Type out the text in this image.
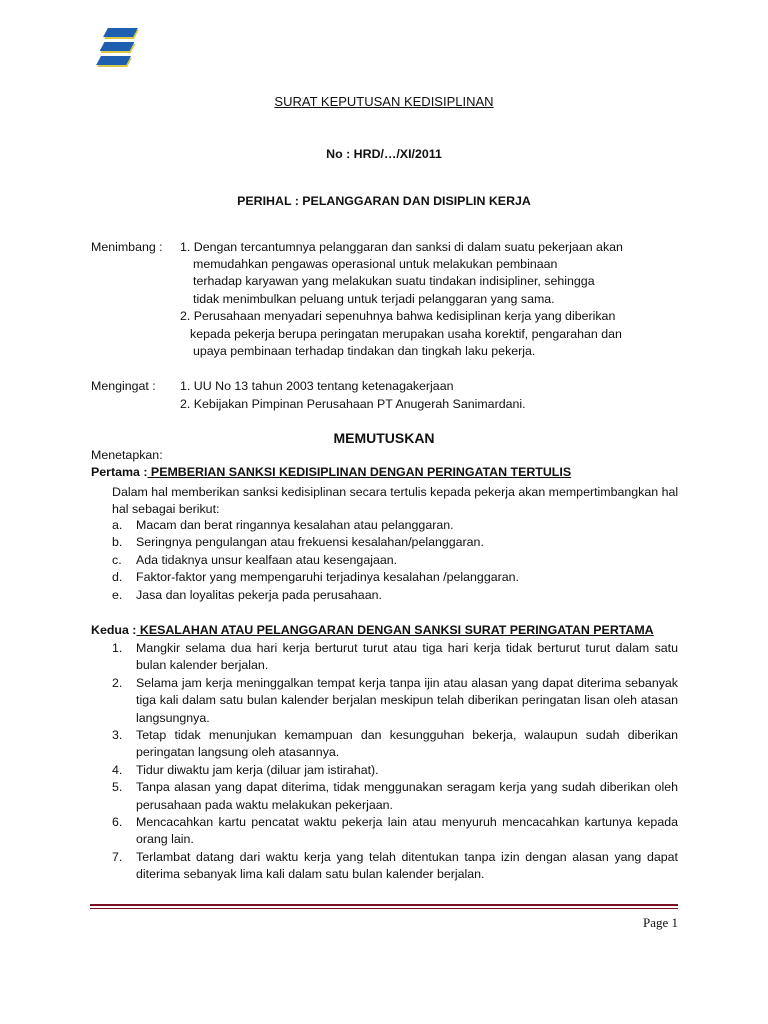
SURAT KEPUTUSAN KEDISIPLINAN
No : HRD/…/XI/2011
PERIHAL : PELANGGARAN DAN DISIPLIN KERJA
Menimbang : 1. Dengan tercantumnya pelanggaran dan sanksi di dalam suatu pekerjaan akan
memudahkan pengawas operasional untuk melakukan pembinaan
terhadap karyawan yang melakukan suatu tindakan indisipliner, sehingga
tidak menimbulkan peluang untuk terjadi pelanggaran yang sama.
2. Perusahaan menyadari sepenuhnya bahwa kedisiplinan kerja yang diberikan
kepada pekerja berupa peringatan merupakan usaha korektif, pengarahan dan
upaya pembinaan terhadap tindakan dan tingkah laku pekerja.
Mengingat : 1. UU No 13 tahun 2003 tentang ketenagakerjaan
2. Kebijakan Pimpinan Perusahaan PT Anugerah Sanimardani.
MEMUTUSKAN
Menetapkan:
Pertama : PEMBERIAN SANKSI KEDISIPLINAN DENGAN PERINGATAN TERTULIS
Dalam hal memberikan sanksi kedisiplinan secara tertulis kepada pekerja akan mempertimbangkan hal hal sebagai berikut:
a. Macam dan berat ringannya kesalahan atau pelanggaran.
b. Seringnya pengulangan atau frekuensi kesalahan/pelanggaran.
c. Ada tidaknya unsur kealfaan atau kesengajaan.
d. Faktor-faktor yang mempengaruhi terjadinya kesalahan /pelanggaran.
e. Jasa dan loyalitas pekerja pada perusahaan.
Kedua : KESALAHAN ATAU PELANGGARAN DENGAN SANKSI SURAT PERINGATAN PERTAMA
1. Mangkir selama dua hari kerja berturut turut atau tiga hari kerja tidak berturut turut dalam satu bulan kalender berjalan.
2. Selama jam kerja meninggalkan tempat kerja tanpa ijin atau alasan yang dapat diterima sebanyak tiga kali dalam satu bulan kalender berjalan meskipun telah diberikan peringatan lisan oleh atasan langsungnya.
3. Tetap tidak menunjukan kemampuan dan kesungguhan bekerja, walaupun sudah diberikan peringatan langsung oleh atasannya.
4. Tidur diwaktu jam kerja (diluar jam istirahat).
5. Tanpa alasan yang dapat diterima, tidak menggunakan seragam kerja yang sudah diberikan oleh perusahaan pada waktu melakukan pekerjaan.
6. Mencacahkan kartu pencatat waktu pekerja lain atau menyuruh mencacahkan kartunya kepada orang lain.
7. Terlambat datang dari waktu kerja yang telah ditentukan tanpa izin dengan alasan yang dapat diterima sebanyak lima kali dalam satu bulan kalender berjalan.
Page 1
